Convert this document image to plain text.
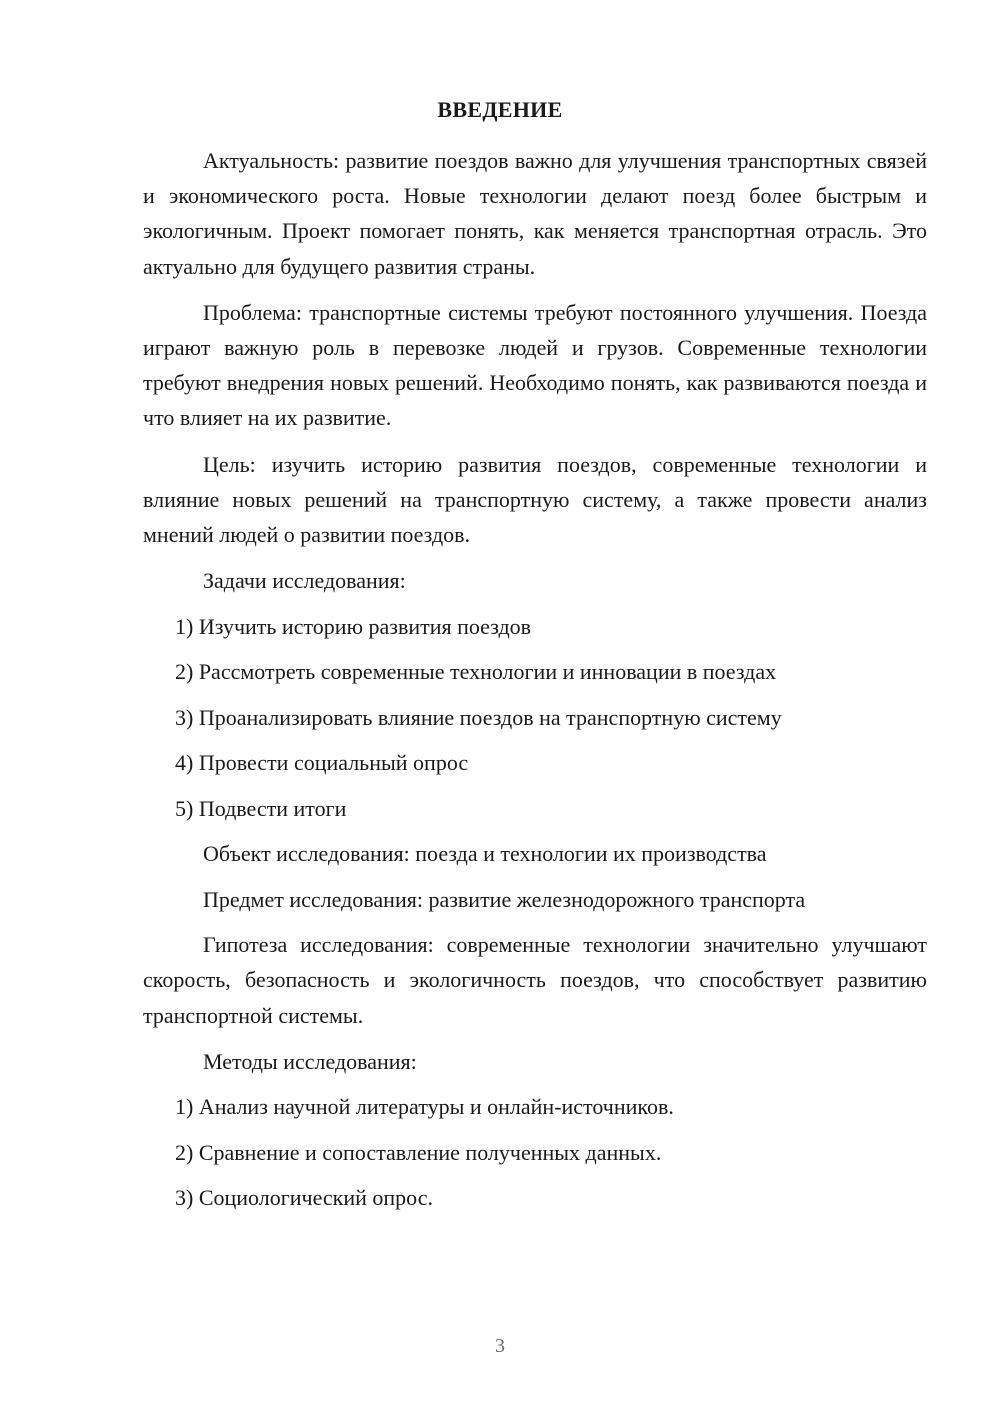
ВВЕДЕНИЕ

Актуальность: развитие поездов важно для улучшения транспортных связей и экономического роста. Новые технологии делают поезд более быстрым и экологичным. Проект помогает понять, как меняется транспортная отрасль. Это актуально для будущего развития страны.

Проблема: транспортные системы требуют постоянного улучшения. Поезда играют важную роль в перевозке людей и грузов. Современные технологии требуют внедрения новых решений. Необходимо понять, как развиваются поезда и что влияет на их развитие.

Цель: изучить историю развития поездов, современные технологии и влияние новых решений на транспортную систему, а также провести анализ мнений людей о развитии поездов.

Задачи исследования:

1) Изучить историю развития поездов

2) Рассмотреть современные технологии и инновации в поездах

3) Проанализировать влияние поездов на транспортную систему

4) Провести социальный опрос

5) Подвести итоги

Объект исследования: поезда и технологии их производства

Предмет исследования: развитие железнодорожного транспорта

Гипотеза исследования: современные технологии значительно улучшают скорость, безопасность и экологичность поездов, что способствует развитию транспортной системы.

Методы исследования:

1) Анализ научной литературы и онлайн-источников.

2) Сравнение и сопоставление полученных данных.

3) Социологический опрос.

3
